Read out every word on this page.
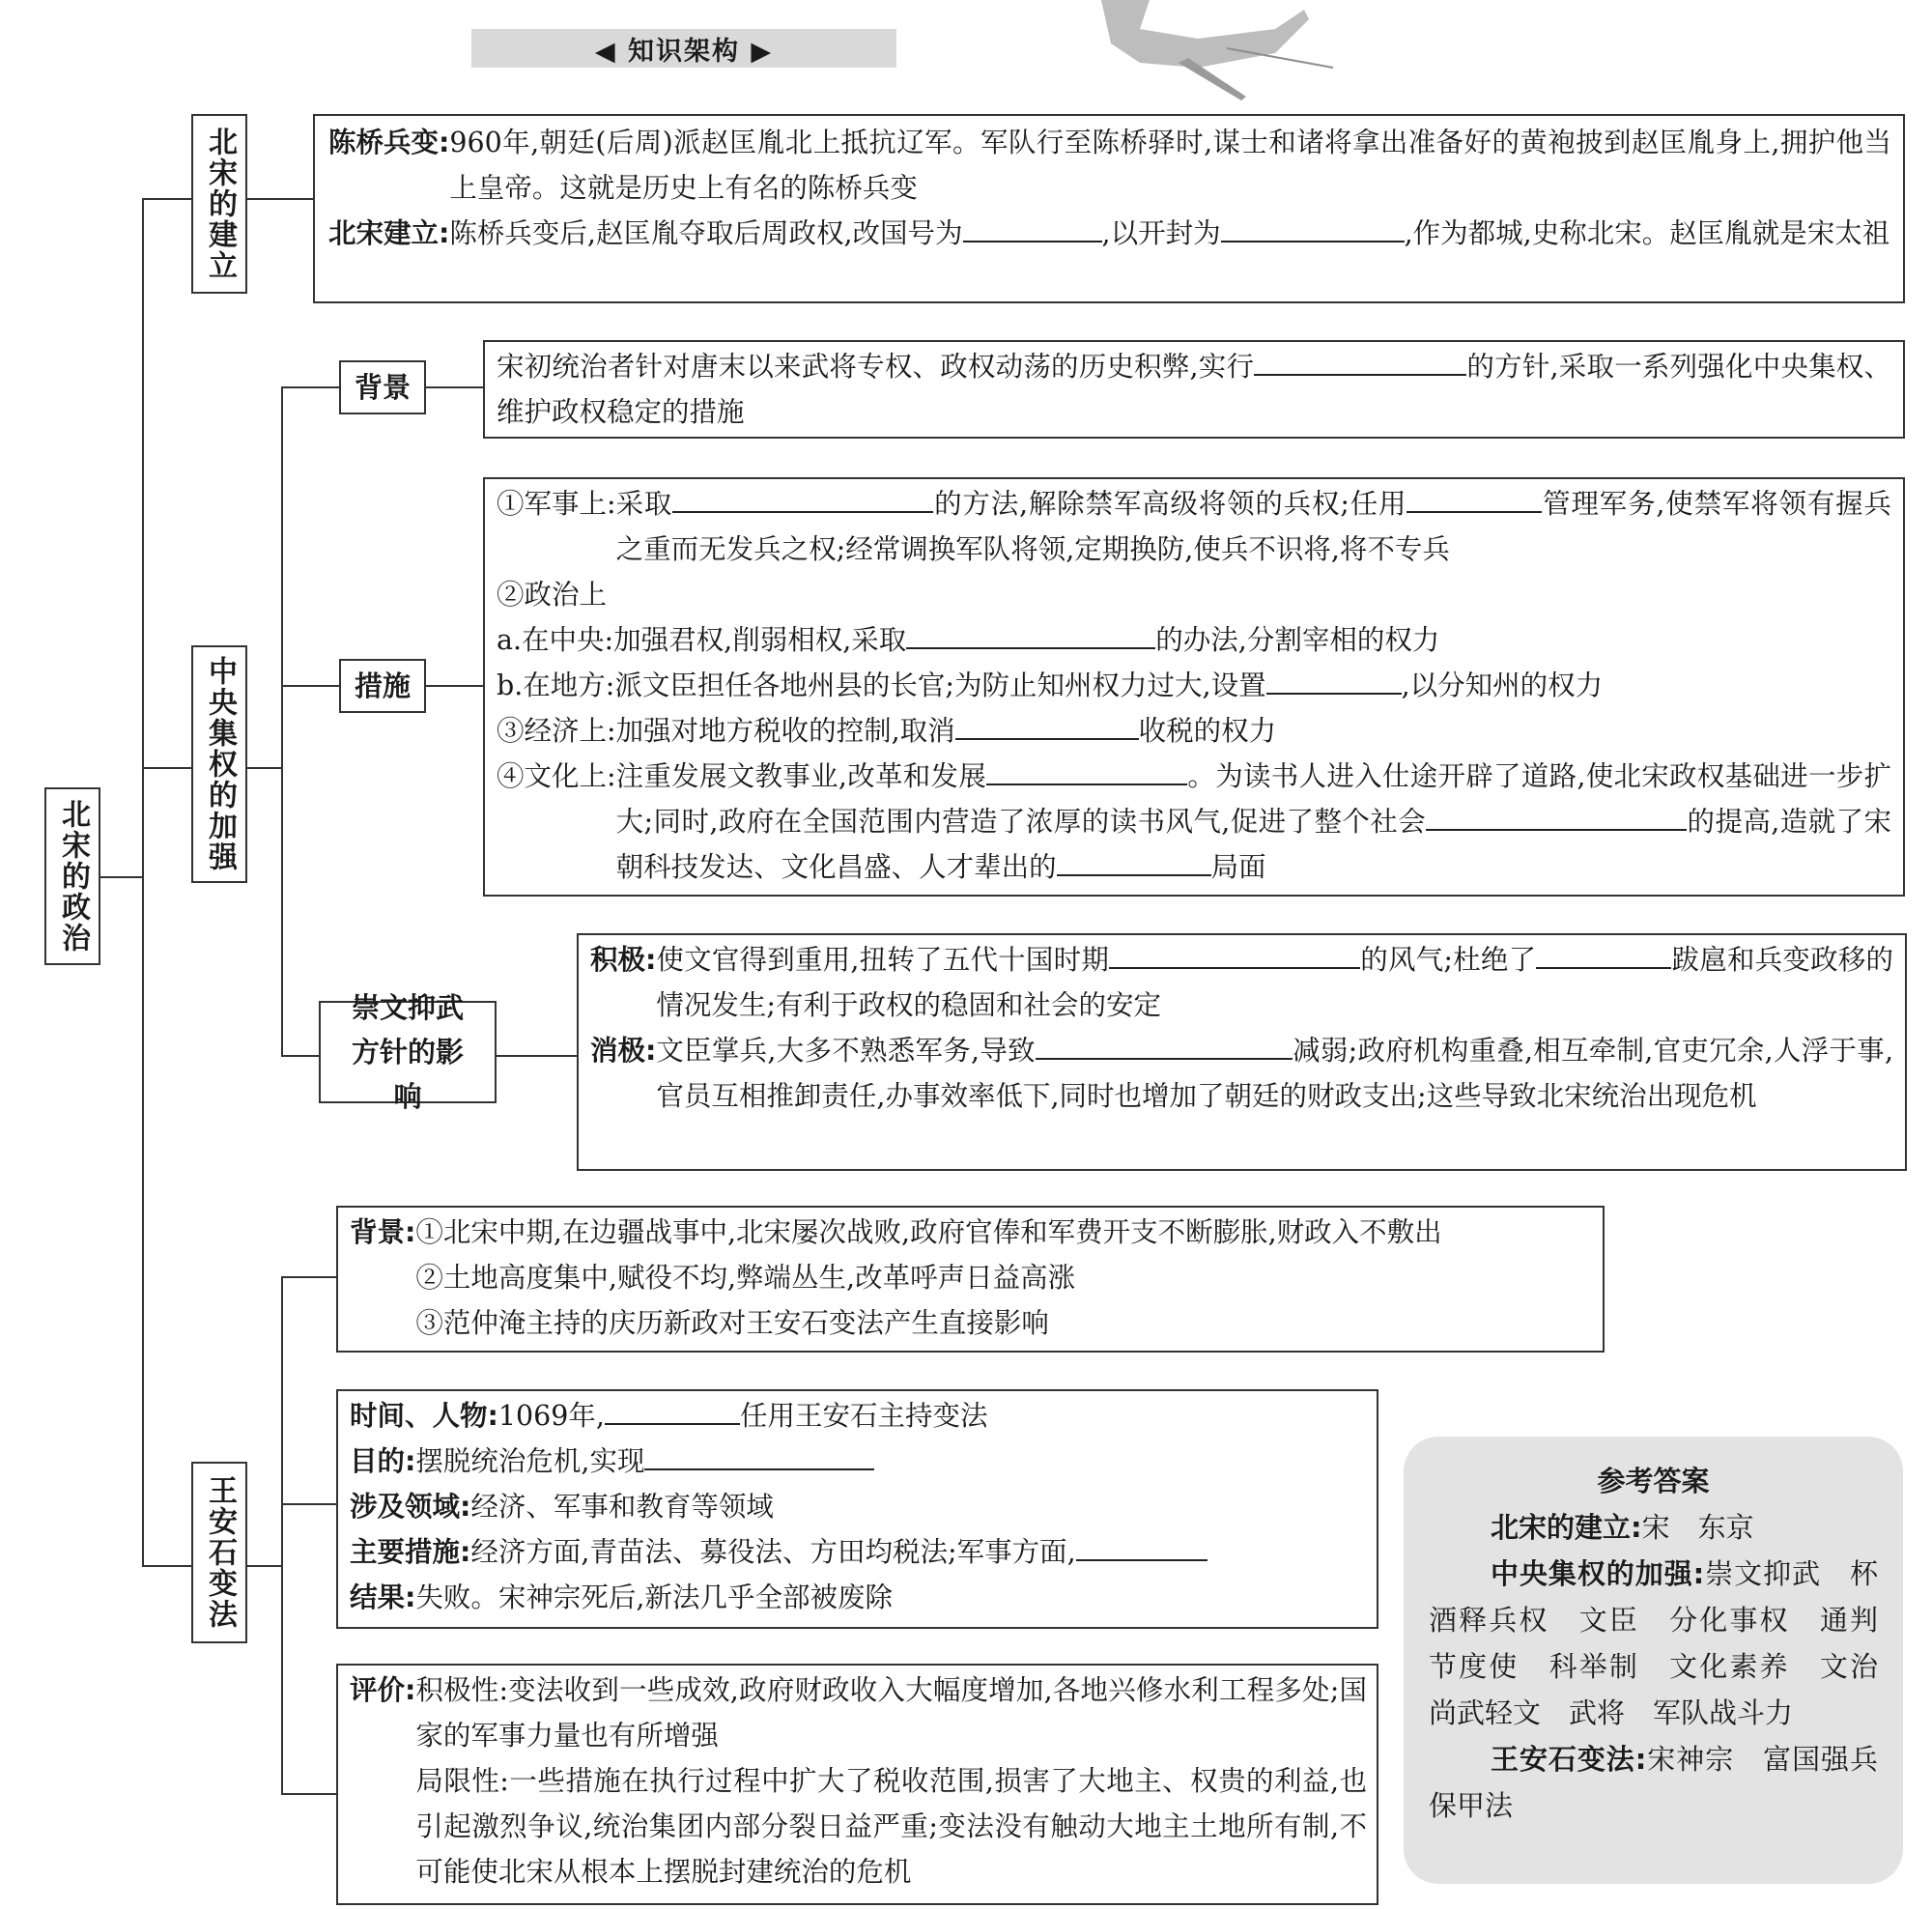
◀ 知识架构 ▶
北宋的政治
北宋的建立
中央集权的加强
王安石变法
背景
措施
崇文抑武方针的影响
陈桥兵变: 960年,朝廷(后周)派赵匡胤北上抵抗辽军。军队行至陈桥驿时,谋士和诸将拿出准备好的黄袍披到赵匡胤身上,拥护他当上皇帝。这就是历史上有名的陈桥兵变
北宋建立: 陈桥兵变后,赵匡胤夺取后周政权,改国号为	,以开封为	,作为都城,史称北宋。赵匡胤就是宋太祖
宋初统治者针对唐末以来武将专权、政权动荡的历史积弊,实行	的方针,采取一系列强化中央集权、维护政权稳定的措施
①军事上: 采取	的方法,解除禁军高级将领的兵权;任用	管理军务,使禁军将领有握兵之重而无发兵之权;经常调换军队将领,定期换防,使兵不识将,将不专兵
②政治上
a.在中央: 加强君权,削弱相权,采取	的办法,分割宰相的权力
b.在地方: 派文臣担任各地州县的长官;为防止知州权力过大,设置	,以分知州的权力
③经济上: 加强对地方税收的控制,取消	收税的权力
④文化上: 注重发展文教事业,改革和发展	。为读书人进入仕途开辟了道路,使北宋政权基础进一步扩大;同时,政府在全国范围内营造了浓厚的读书风气,促进了整个社会	的提高,造就了宋朝科技发达、文化昌盛、人才辈出的	局面
积极: 使文官得到重用,扭转了五代十国时期	的风气;杜绝了	跋扈和兵变政移的情况发生;有利于政权的稳固和社会的安定
消极: 文臣掌兵,大多不熟悉军务,导致	减弱;政府机构重叠,相互牵制,官吏冗余,人浮于事,官员互相推卸责任,办事效率低下,同时也增加了朝廷的财政支出;这些导致北宋统治出现危机
背景: ①北宋中期,在边疆战事中,北宋屡次战败,政府官俸和军费开支不断膨胀,财政入不敷出
②土地高度集中,赋役不均,弊端丛生,改革呼声日益高涨
③范仲淹主持的庆历新政对王安石变法产生直接影响
时间、人物: 1069年,	任用王安石主持变法
目的: 摆脱统治危机,实现
涉及领域: 经济、军事和教育等领域
主要措施: 经济方面,青苗法、募役法、方田均税法;军事方面,
结果: 失败。宋神宗死后,新法几乎全部被废除
评价: 积极性:变法收到一些成效,政府财政收入大幅度增加,各地兴修水利工程多处;国家的军事力量也有所增强
局限性:一些措施在执行过程中扩大了税收范围,损害了大地主、权贵的利益,也引起激烈争议,统治集团内部分裂日益严重;变法没有触动大地主土地所有制,不可能使北宋从根本上摆脱封建统治的危机
参考答案
北宋的建立:宋　东京
中央集权的加强:崇文抑武　杯酒释兵权　文臣　分化事权　通判　节度使　科举制　文化素养　文治　尚武轻文　武将　军队战斗力
王安石变法:宋神宗　富国强兵　保甲法
